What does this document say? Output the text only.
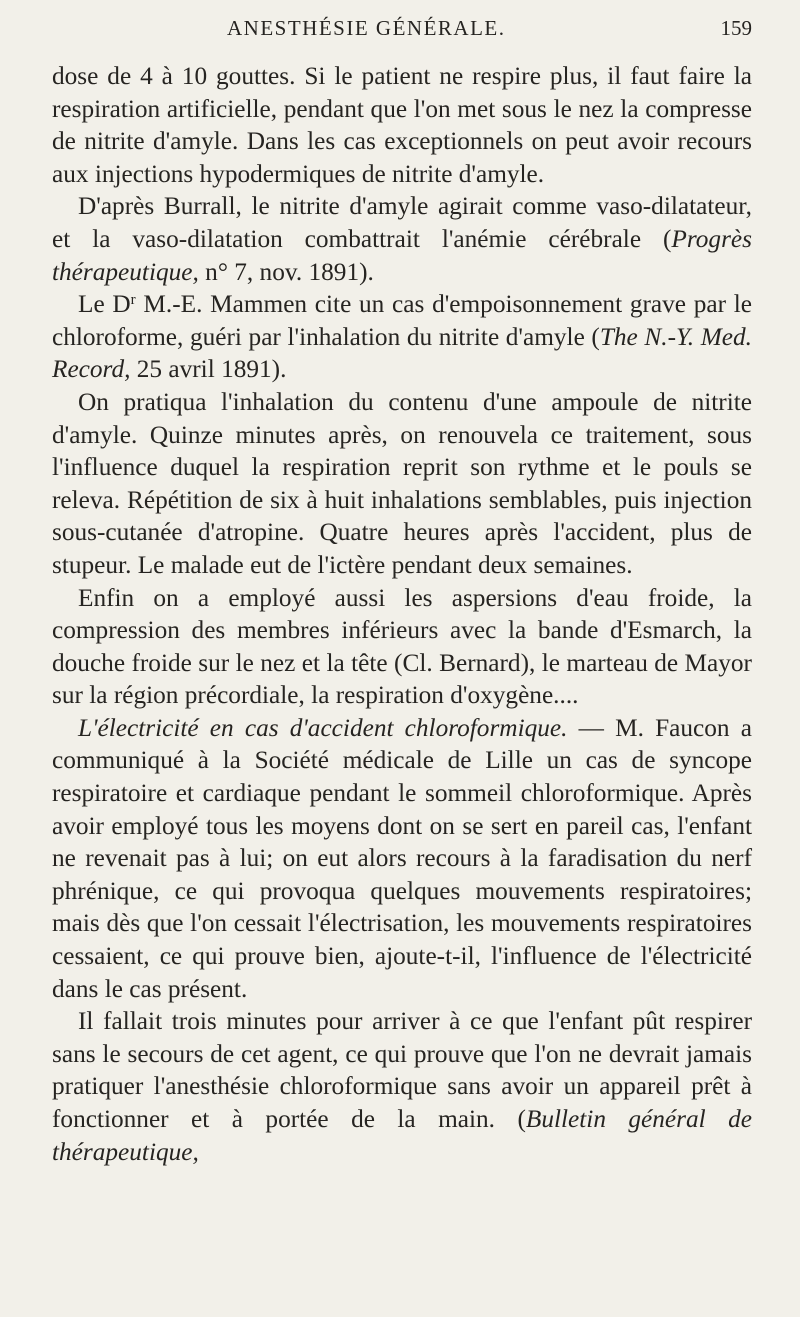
ANESTHÉSIE GÉNÉRALE.	159

dose de 4 à 10 gouttes. Si le patient ne respire plus, il faut faire la respiration artificielle, pendant que l'on met sous le nez la compresse de nitrite d'amyle. Dans les cas exceptionnels on peut avoir recours aux injections hypodermiques de nitrite d'amyle.

D'après Burrall, le nitrite d'amyle agirait comme vaso-dilatateur, et la vaso-dilatation combattrait l'anémie cérébrale (Progrès thérapeutique, n° 7, nov. 1891).

Le $D^r$ M.-E. Mammen cite un cas d'empoisonnement grave par le chloroforme, guéri par l'inhalation du nitrite d'amyle (The N.-Y. Med. Record, 25 avril 1891).

On pratiqua l'inhalation du contenu d'une ampoule de nitrite d'amyle. Quinze minutes après, on renouvela ce traitement, sous l'influence duquel la respiration reprit son rythme et le pouls se releva. Répétition de six à huit inhalations semblables, puis injection sous-cutanée d'atropine. Quatre heures après l'accident, plus de stupeur. Le malade eut de l'ictère pendant deux semaines.

Enfin on a employé aussi les aspersions d'eau froide, la compression des membres inférieurs avec la bande d'Esmarch, la douche froide sur le nez et la tête (Cl. Bernard), le marteau de Mayor sur la région précordiale, la respiration d'oxygène....

L'électricité en cas d'accident chloroformique. — M. Faucon a communiqué à la Société médicale de Lille un cas de syncope respiratoire et cardiaque pendant le sommeil chloroformique. Après avoir employé tous les moyens dont on se sert en pareil cas, l'enfant ne revenait pas à lui; on eut alors recours à la faradisation du nerf phrénique, ce qui provoqua quelques mouvements respiratoires; mais dès que l'on cessait l'électrisation, les mouvements respiratoires cessaient, ce qui prouve bien, ajoute-t-il, l'influence de l'électricité dans le cas présent.

Il fallait trois minutes pour arriver à ce que l'enfant pût respirer sans le secours de cet agent, ce qui prouve que l'on ne devrait jamais pratiquer l'anesthésie chloroformique sans avoir un appareil prêt à fonctionner et à portée de la main. (Bulletin général de thérapeutique,
